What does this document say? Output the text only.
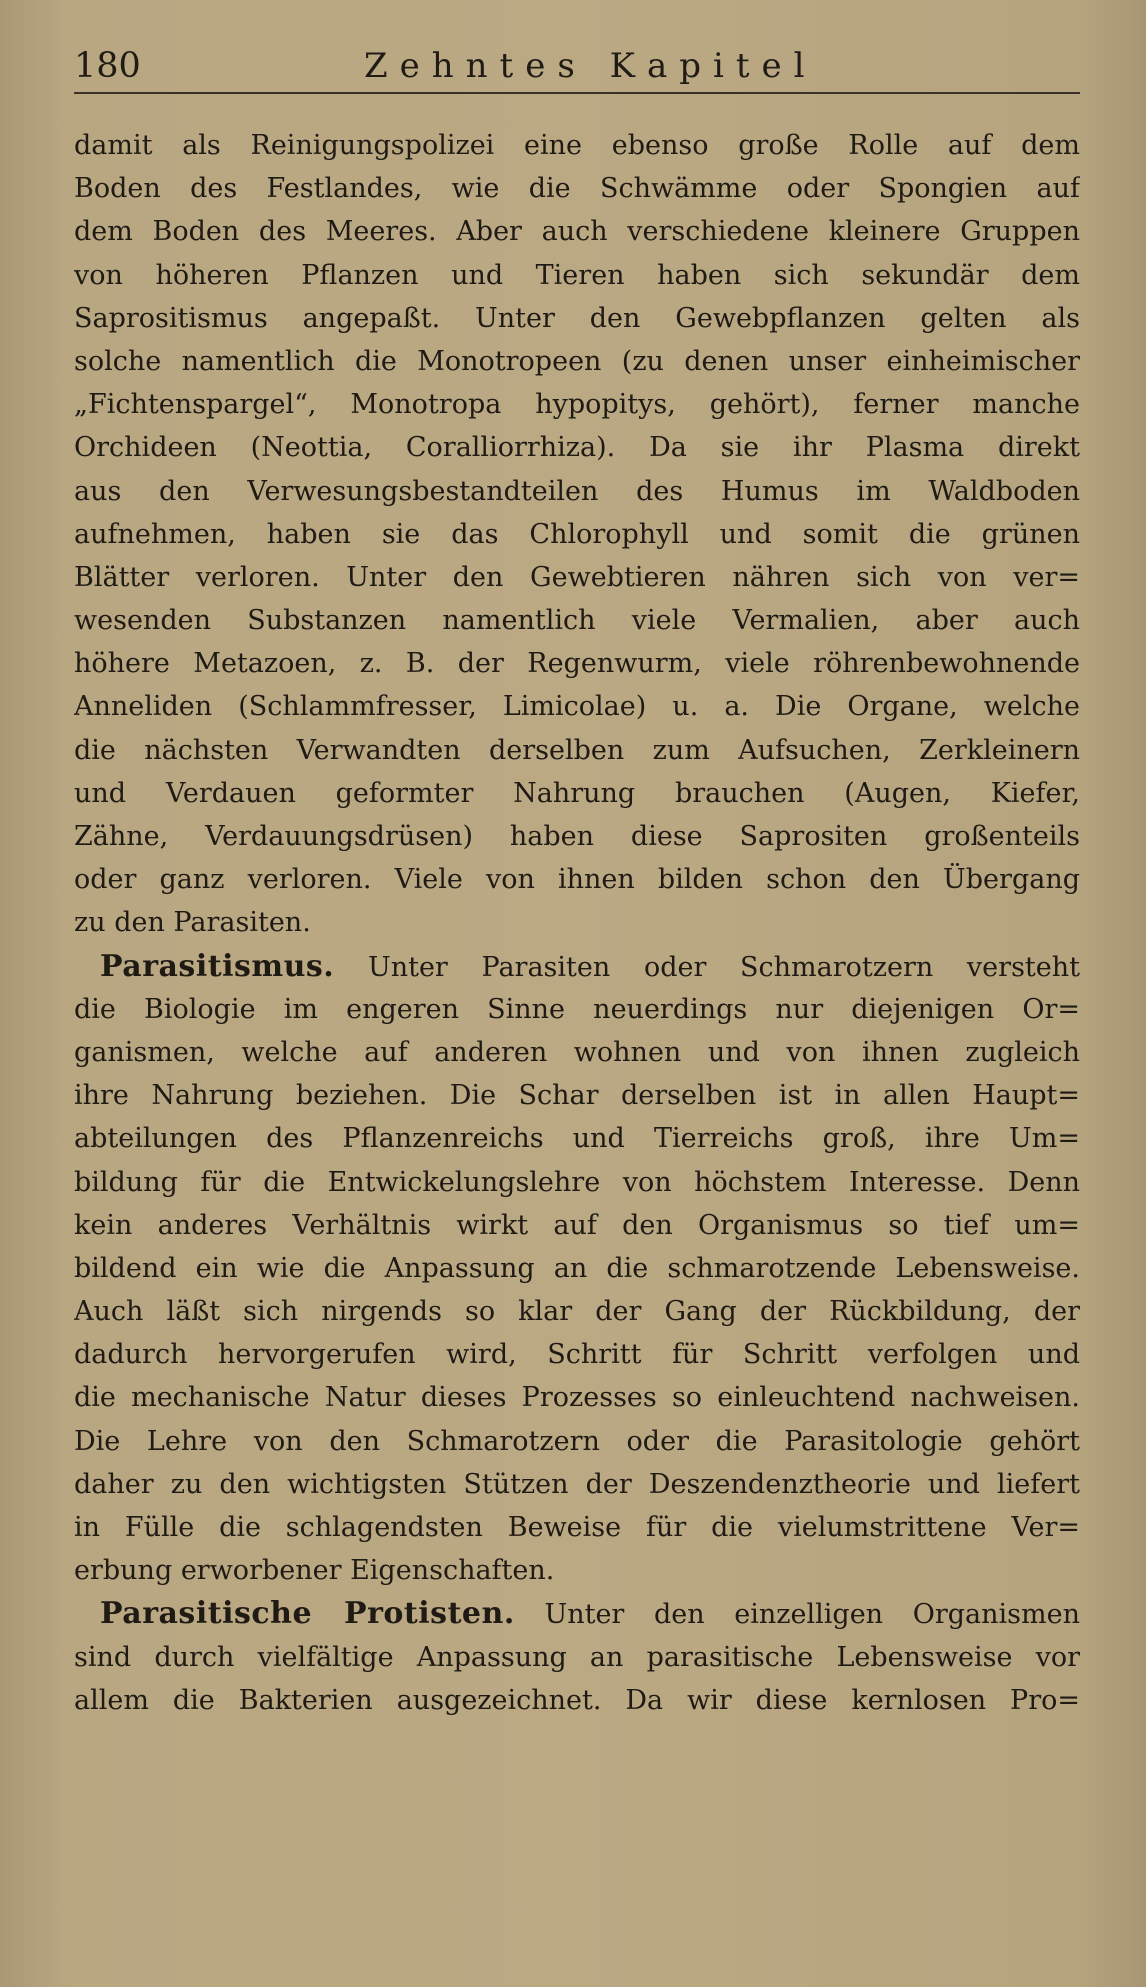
180	Zehntes Kapitel
damit als Reinigungspolizei eine ebenso große Rolle auf dem
Boden des Festlandes, wie die Schwämme oder Spongien auf
dem Boden des Meeres. Aber auch verschiedene kleinere Gruppen
von höheren Pflanzen und Tieren haben sich sekundär dem
Saprositismus angepaßt. Unter den Gewebpflanzen gelten als
solche namentlich die Monotropeen (zu denen unser einheimischer
„Fichtenspargel“, Monotropa hypopitys, gehört), ferner manche
Orchideen (Neottia, Coralliorrhiza). Da sie ihr Plasma direkt
aus den Verwesungsbestandteilen des Humus im Waldboden
aufnehmen, haben sie das Chlorophyll und somit die grünen
Blätter verloren. Unter den Gewebtieren nähren sich von ver=
wesenden Substanzen namentlich viele Vermalien, aber auch
höhere Metazoen, z. B. der Regenwurm, viele röhrenbewohnende
Anneliden (Schlammfresser, Limicolae) u. a. Die Organe, welche
die nächsten Verwandten derselben zum Aufsuchen, Zerkleinern
und Verdauen geformter Nahrung brauchen (Augen, Kiefer,
Zähne, Verdauungsdrüsen) haben diese Saprositen großenteils
oder ganz verloren. Viele von ihnen bilden schon den Übergang
zu den Parasiten.
Parasitismus. Unter Parasiten oder Schmarotzern versteht
die Biologie im engeren Sinne neuerdings nur diejenigen Or=
ganismen, welche auf anderen wohnen und von ihnen zugleich
ihre Nahrung beziehen. Die Schar derselben ist in allen Haupt=
abteilungen des Pflanzenreichs und Tierreichs groß, ihre Um=
bildung für die Entwickelungslehre von höchstem Interesse. Denn
kein anderes Verhältnis wirkt auf den Organismus so tief um=
bildend ein wie die Anpassung an die schmarotzende Lebensweise.
Auch läßt sich nirgends so klar der Gang der Rückbildung, der
dadurch hervorgerufen wird, Schritt für Schritt verfolgen und
die mechanische Natur dieses Prozesses so einleuchtend nachweisen.
Die Lehre von den Schmarotzern oder die Parasitologie gehört
daher zu den wichtigsten Stützen der Deszendenztheorie und liefert
in Fülle die schlagendsten Beweise für die vielumstrittene Ver=
erbung erworbener Eigenschaften.
Parasitische Protisten. Unter den einzelligen Organismen
sind durch vielfältige Anpassung an parasitische Lebensweise vor
allem die Bakterien ausgezeichnet. Da wir diese kernlosen Pro=
